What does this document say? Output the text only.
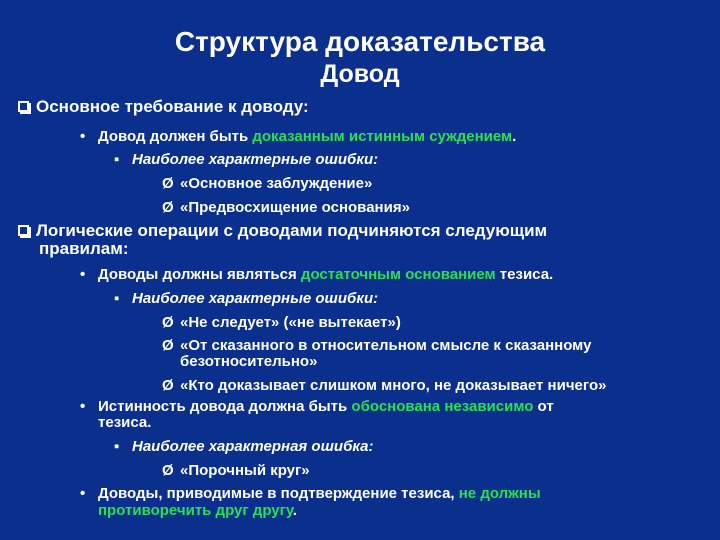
Структура доказательства
Довод
Основное требование к доводу:
• Довод должен быть доказанным истинным суждением.
▪ Наиболее характерные ошибки:
Ø «Основное заблуждение»
Ø «Предвосхищение основания»
Логические операции с доводами подчиняются следующим
правилам:
• Доводы должны являться достаточным основанием тезиса.
▪ Наиболее характерные ошибки:
Ø «Не следует» («не вытекает»)
Ø «От сказанного в относительном смысле к сказанному
безотносительно»
Ø «Кто доказывает слишком много, не доказывает ничего»
• Истинность довода должна быть обоснована независимо от
тезиса.
▪ Наиболее характерная ошибка:
Ø «Порочный круг»
• Доводы, приводимые в подтверждение тезиса, не должны
противоречить друг другу.
